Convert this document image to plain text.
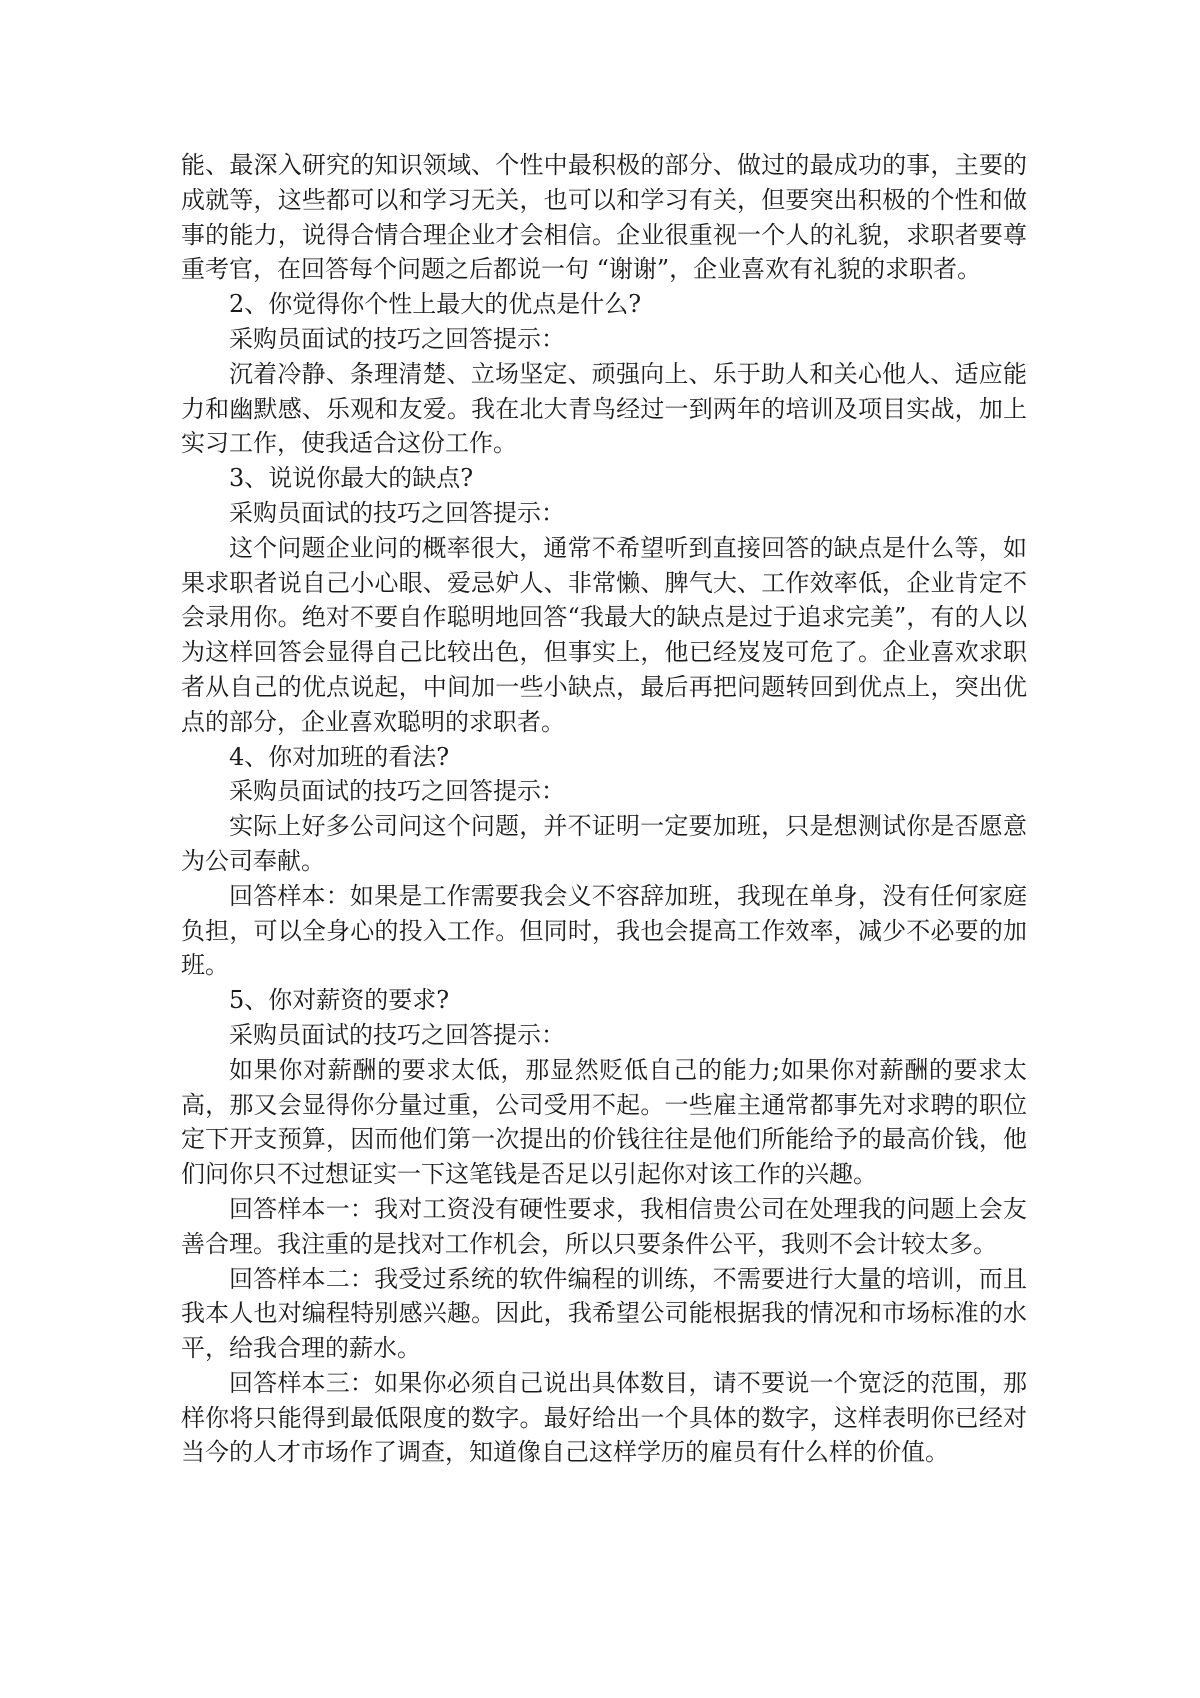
能、最深入研究的知识领域、个性中最积极的部分、做过的最成功的事，主要的成就等，这些都可以和学习无关，也可以和学习有关，但要突出积极的个性和做事的能力，说得合情合理企业才会相信。企业很重视一个人的礼貌，求职者要尊重考官，在回答每个问题之后都说一句 “谢谢”，企业喜欢有礼貌的求职者。

2、你觉得你个性上最大的优点是什么?

采购员面试的技巧之回答提示：

沉着冷静、条理清楚、立场坚定、顽强向上、乐于助人和关心他人、适应能力和幽默感、乐观和友爱。我在北大青鸟经过一到两年的培训及项目实战，加上实习工作，使我适合这份工作。

3、说说你最大的缺点?

采购员面试的技巧之回答提示：

这个问题企业问的概率很大，通常不希望听到直接回答的缺点是什么等，如果求职者说自己小心眼、爱忌妒人、非常懒、脾气大、工作效率低，企业肯定不会录用你。绝对不要自作聪明地回答“我最大的缺点是过于追求完美”，有的人以为这样回答会显得自己比较出色，但事实上，他已经岌岌可危了。企业喜欢求职者从自己的优点说起，中间加一些小缺点，最后再把问题转回到优点上，突出优点的部分，企业喜欢聪明的求职者。

4、你对加班的看法?

采购员面试的技巧之回答提示：

实际上好多公司问这个问题，并不证明一定要加班，只是想测试你是否愿意为公司奉献。

回答样本：如果是工作需要我会义不容辞加班，我现在单身，没有任何家庭负担，可以全身心的投入工作。但同时，我也会提高工作效率，减少不必要的加班。

5、你对薪资的要求?

采购员面试的技巧之回答提示：

如果你对薪酬的要求太低，那显然贬低自己的能力;如果你对薪酬的要求太高，那又会显得你分量过重，公司受用不起。一些雇主通常都事先对求聘的职位定下开支预算，因而他们第一次提出的价钱往往是他们所能给予的最高价钱，他们问你只不过想证实一下这笔钱是否足以引起你对该工作的兴趣。

回答样本一：我对工资没有硬性要求，我相信贵公司在处理我的问题上会友善合理。我注重的是找对工作机会，所以只要条件公平，我则不会计较太多。

回答样本二：我受过系统的软件编程的训练，不需要进行大量的培训，而且我本人也对编程特别感兴趣。因此，我希望公司能根据我的情况和市场标准的水平，给我合理的薪水。

回答样本三：如果你必须自己说出具体数目，请不要说一个宽泛的范围，那样你将只能得到最低限度的数字。最好给出一个具体的数字，这样表明你已经对当今的人才市场作了调查，知道像自己这样学历的雇员有什么样的价值。
